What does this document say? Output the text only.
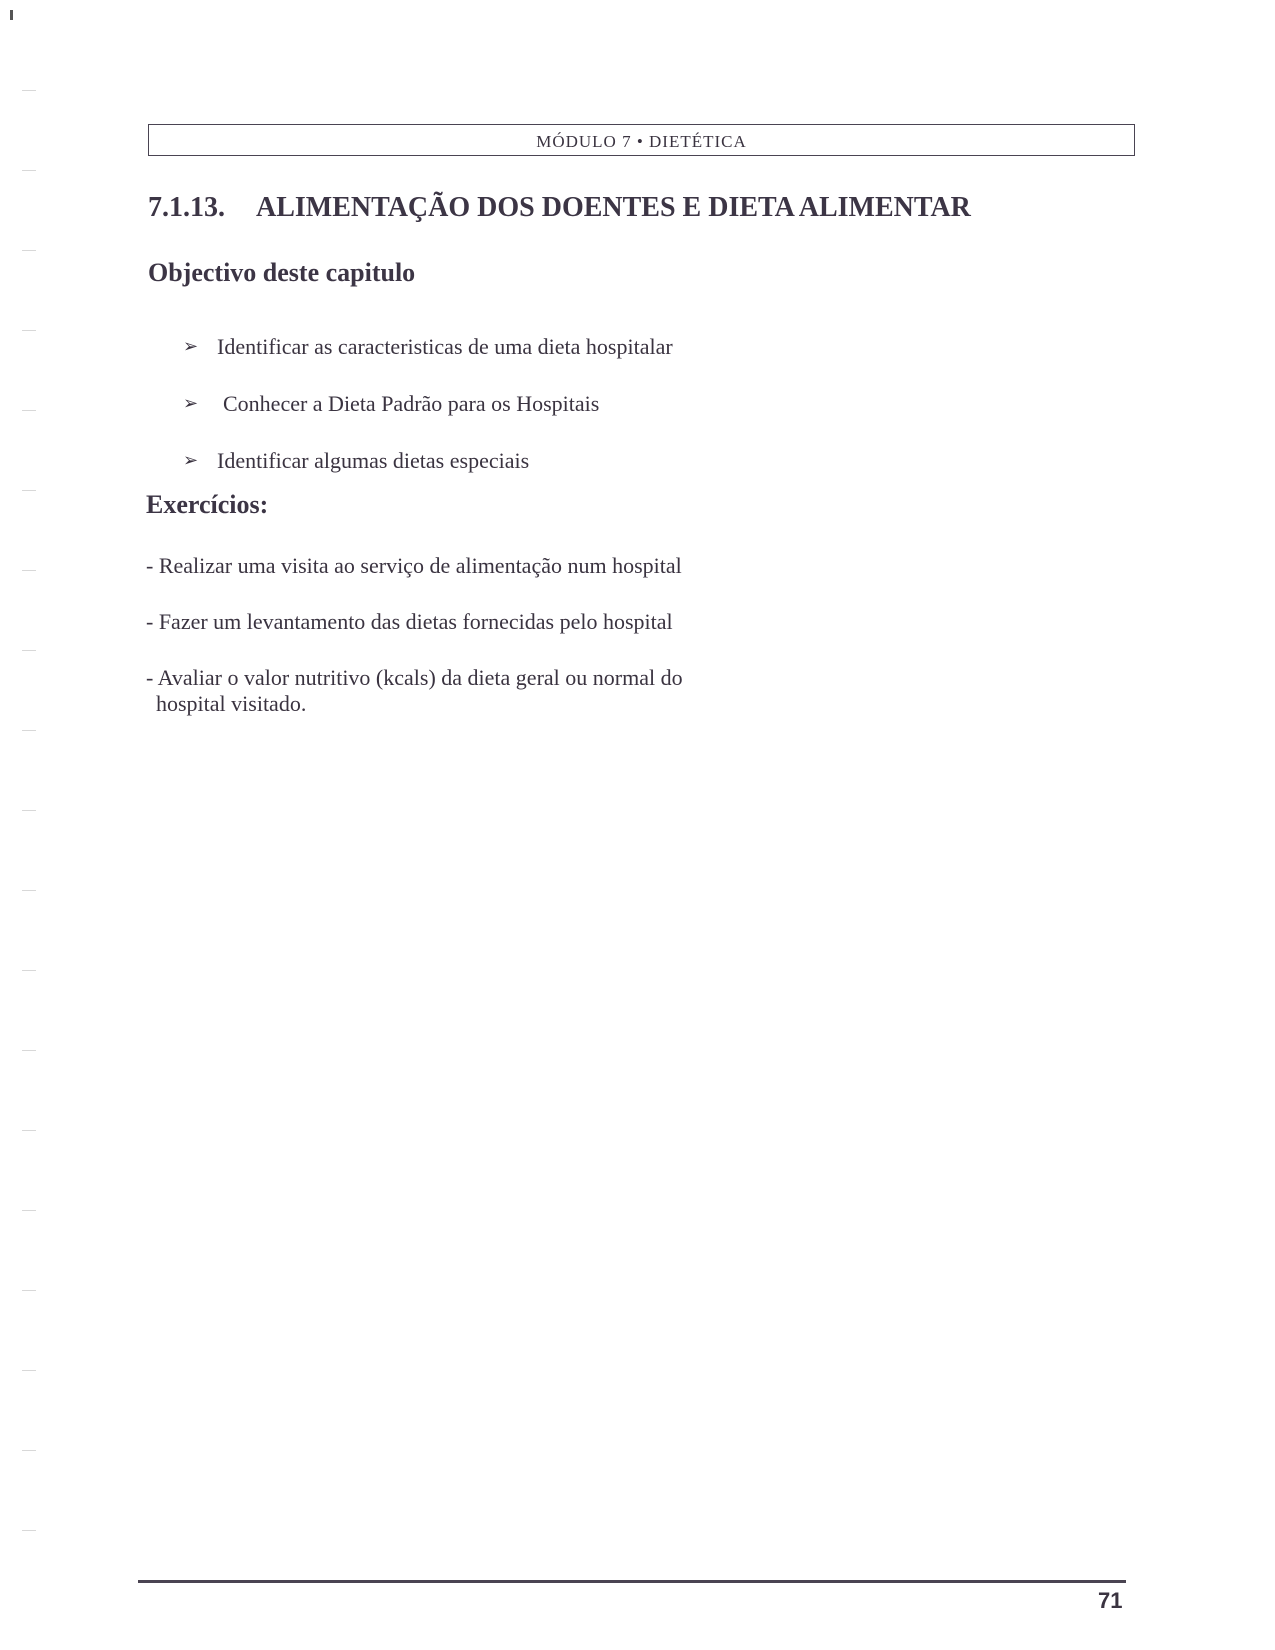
MÓDULO 7 • DIETÉTICA
7.1.13. ALIMENTAÇÃO DOS DOENTES E DIETA ALIMENTAR
Objectivo deste capitulo
➢ Identificar as caracteristicas de uma dieta hospitalar
➢	Conhecer a Dieta Padrão para os Hospitais
➢ Identificar algumas dietas especiais
Exercícios:
- Realizar uma visita ao serviço de alimentação num hospital
- Fazer um levantamento das dietas fornecidas pelo hospital
- Avaliar o valor nutritivo (kcals) da dieta geral ou normal do
hospital visitado.
71
